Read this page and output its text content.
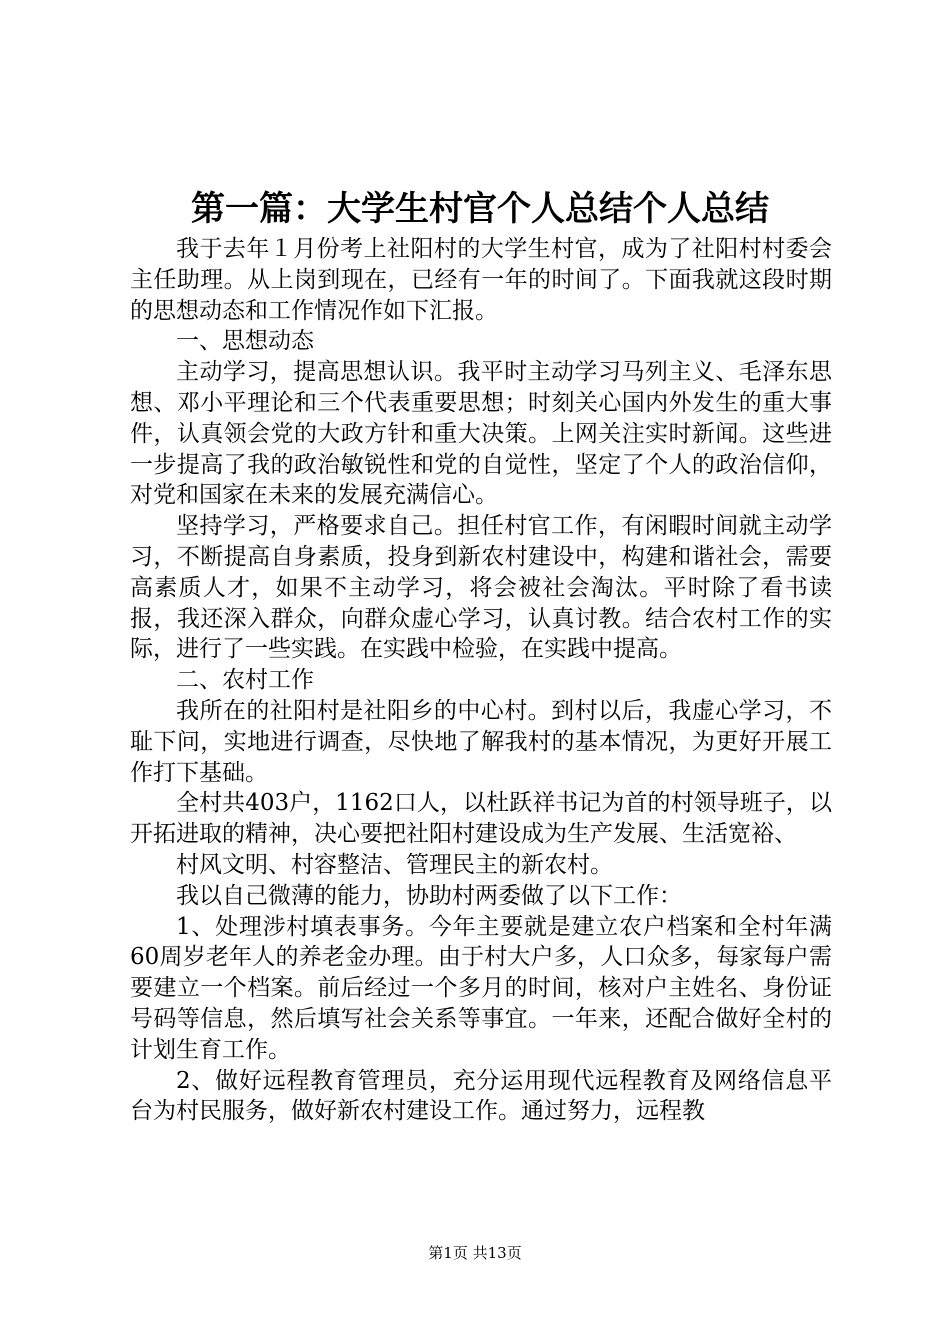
第一篇：大学生村官个人总结个人总结

我于去年１月份考上社阳村的大学生村官，成为了社阳村村委会主任助理。从上岗到现在，已经有一年的时间了。下面我就这段时期的思想动态和工作情况作如下汇报。

一、思想动态

主动学习，提高思想认识。我平时主动学习马列主义、毛泽东思想、邓小平理论和三个代表重要思想；时刻关心国内外发生的重大事件，认真领会党的大政方针和重大决策。上网关注实时新闻。这些进一步提高了我的政治敏锐性和党的自觉性，坚定了个人的政治信仰，对党和国家在未来的发展充满信心。

坚持学习，严格要求自己。担任村官工作，有闲暇时间就主动学习，不断提高自身素质，投身到新农村建设中，构建和谐社会，需要高素质人才，如果不主动学习，将会被社会淘汰。平时除了看书读报，我还深入群众，向群众虚心学习，认真讨教。结合农村工作的实际，进行了一些实践。在实践中检验，在实践中提高。

二、农村工作

我所在的社阳村是社阳乡的中心村。到村以后，我虚心学习，不耻下问，实地进行调查，尽快地了解我村的基本情况，为更好开展工作打下基础。

全村共403户，1162口人，以杜跃祥书记为首的村领导班子，以开拓进取的精神，决心要把社阳村建设成为生产发展、生活宽裕、

村风文明、村容整洁、管理民主的新农村。

我以自己微薄的能力，协助村两委做了以下工作：

1、处理涉村填表事务。今年主要就是建立农户档案和全村年满60周岁老年人的养老金办理。由于村大户多，人口众多，每家每户需要建立一个档案。前后经过一个多月的时间，核对户主姓名、身份证号码等信息，然后填写社会关系等事宜。一年来，还配合做好全村的计划生育工作。

2、做好远程教育管理员，充分运用现代远程教育及网络信息平台为村民服务，做好新农村建设工作。通过努力，远程教

第1页 共13页
